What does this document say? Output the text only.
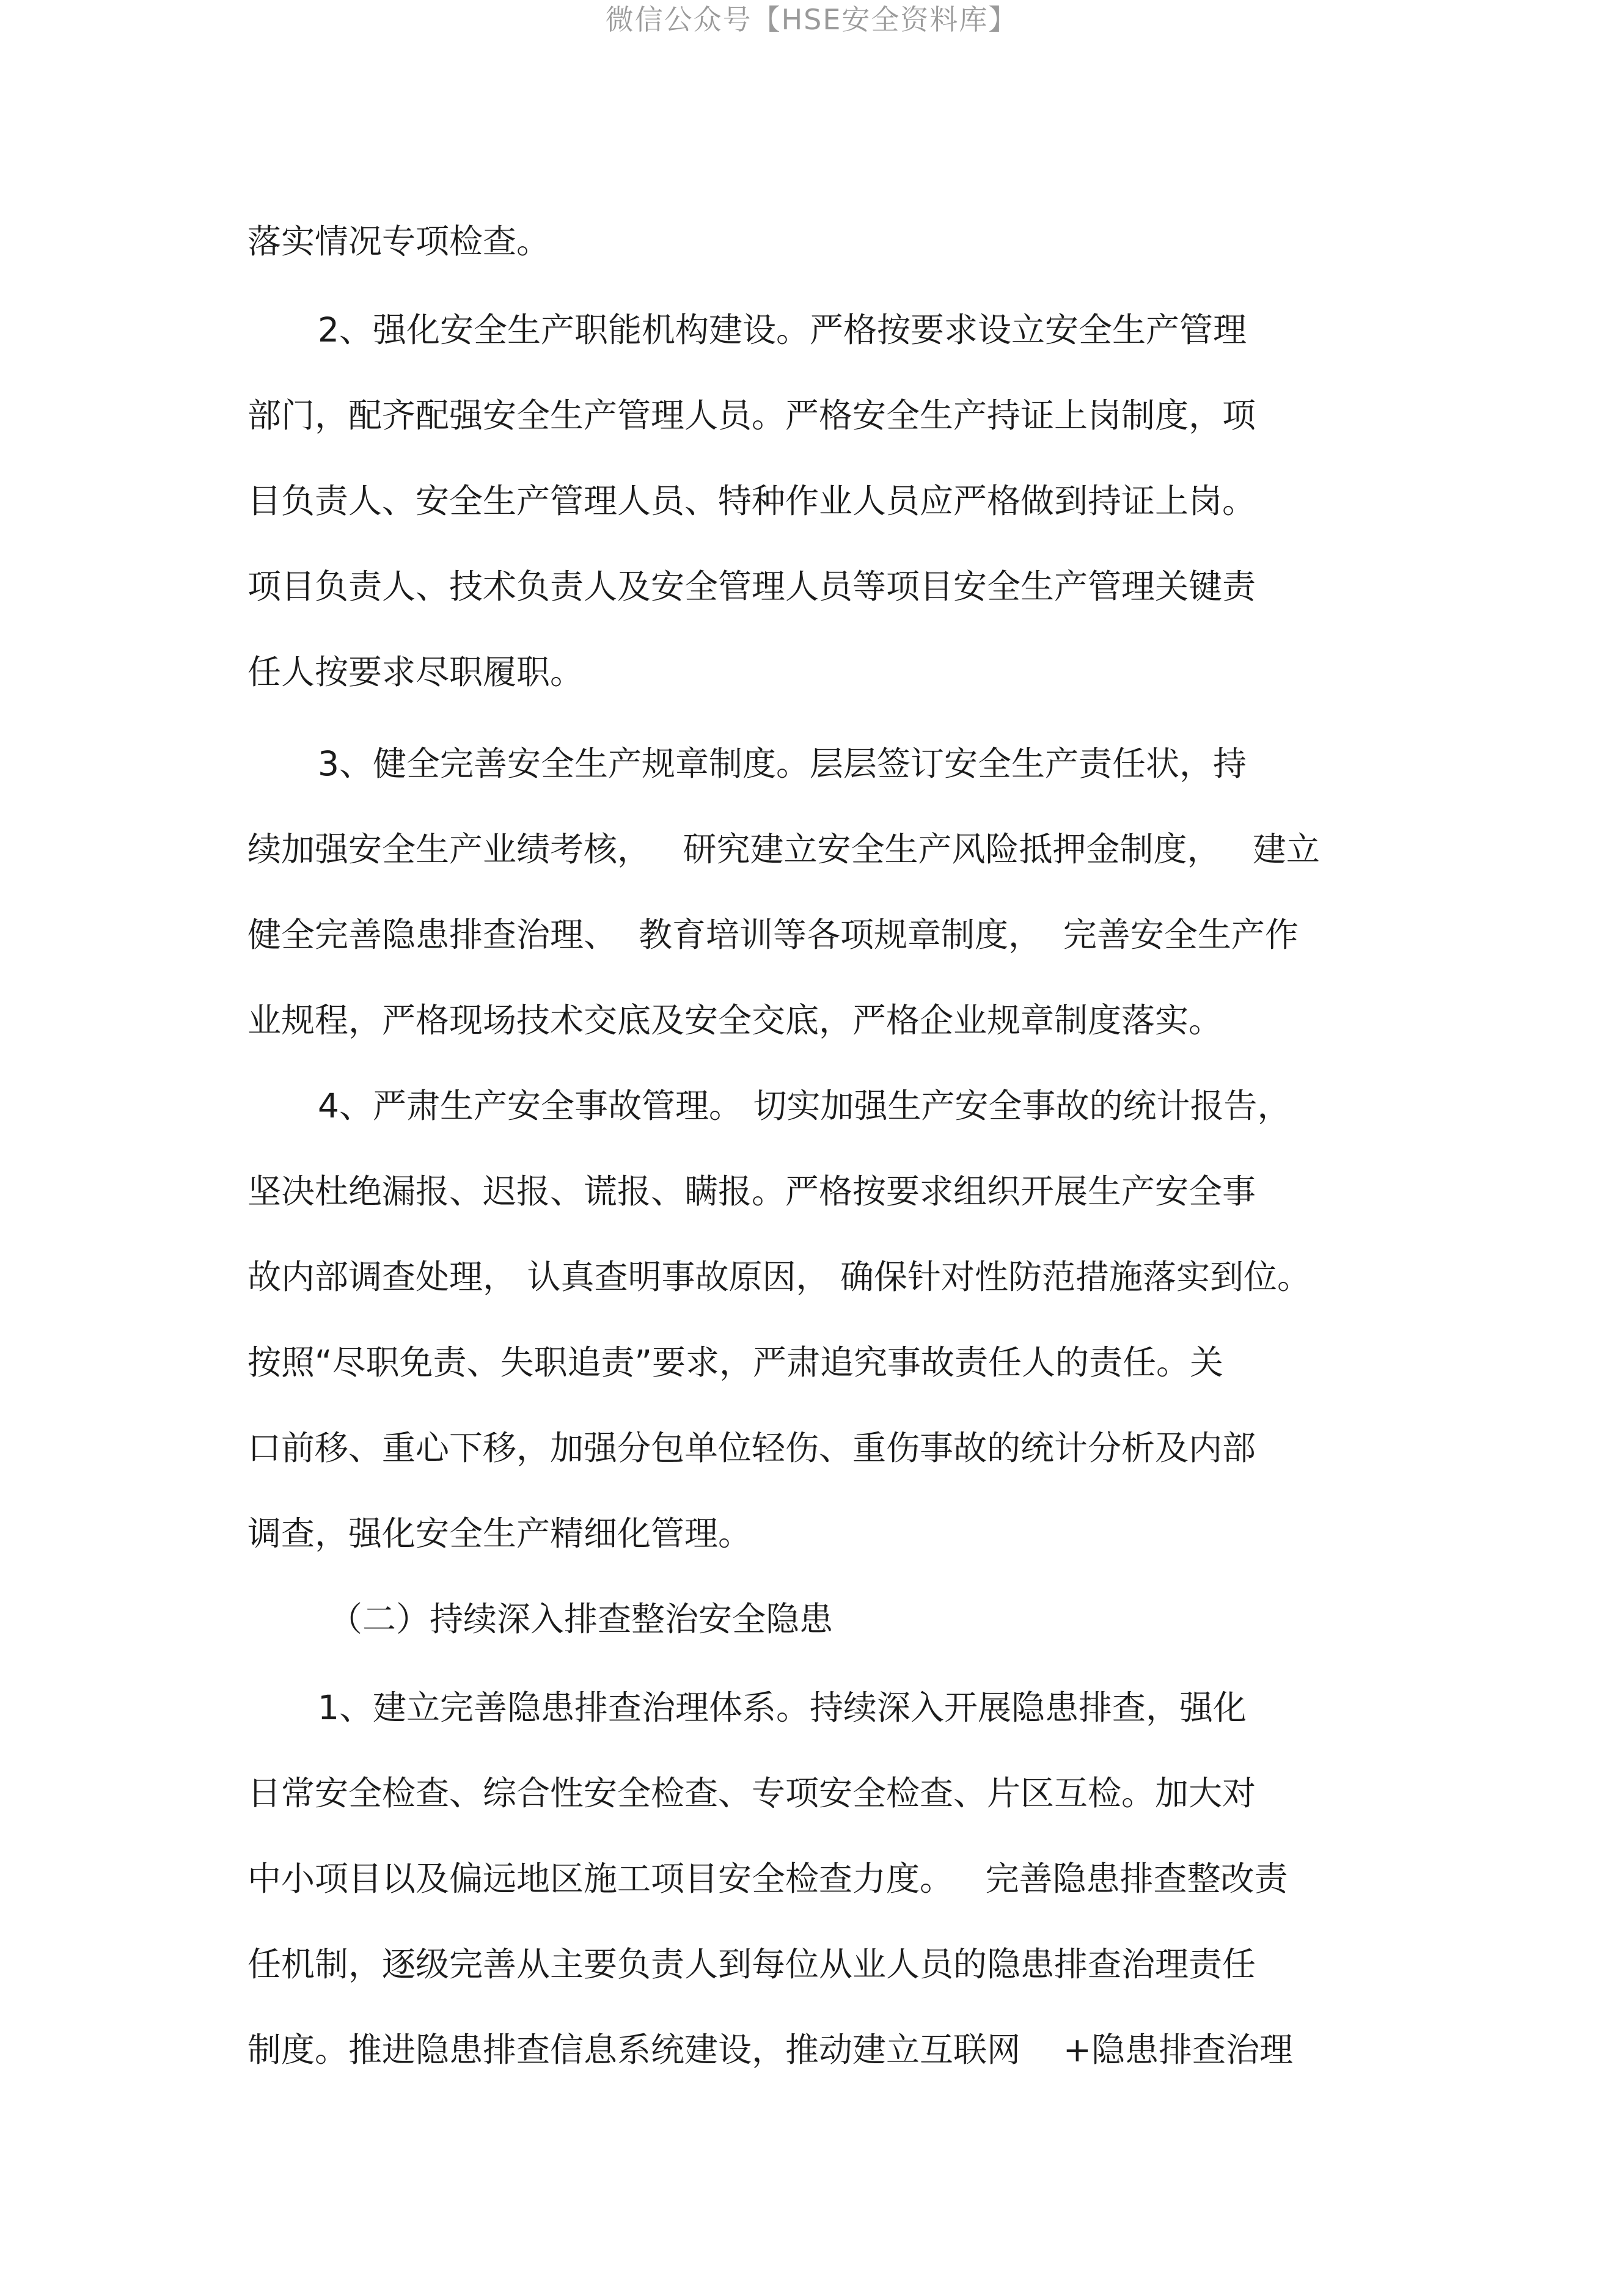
微信公众号【HSE安全资料库】
落实情况专项检查。
2、强化安全生产职能机构建设。严格按要求设立安全生产管理
部门，配齐配强安全生产管理人员。严格安全生产持证上岗制度，项
目负责人、安全生产管理人员、特种作业人员应严格做到持证上岗。
项目负责人、技术负责人及安全管理人员等项目安全生产管理关键责
任人按要求尽职履职。
3、健全完善安全生产规章制度。层层签订安全生产责任状，持
续加强安全生产业绩考核，   研究建立安全生产风险抵押金制度，   建立
健全完善隐患排查治理、  教育培训等各项规章制度，  完善安全生产作
业规程，严格现场技术交底及安全交底，严格企业规章制度落实。
4、严肃生产安全事故管理。 切实加强生产安全事故的统计报告，
坚决杜绝漏报、迟报、谎报、瞒报。严格按要求组织开展生产安全事
故内部调查处理， 认真查明事故原因， 确保针对性防范措施落实到位。
按照“尽职免责、失职追责”要求，严肃追究事故责任人的责任。关
口前移、重心下移，加强分包单位轻伤、重伤事故的统计分析及内部
调查，强化安全生产精细化管理。
（二）持续深入排查整治安全隐患
1、建立完善隐患排查治理体系。持续深入开展隐患排查，强化
日常安全检查、综合性安全检查、专项安全检查、片区互检。加大对
中小项目以及偏远地区施工项目安全检查力度。   完善隐患排查整改责
任机制，逐级完善从主要负责人到每位从业人员的隐患排查治理责任
制度。推进隐患排查信息系统建设，推动建立互联网    +隐患排查治理
